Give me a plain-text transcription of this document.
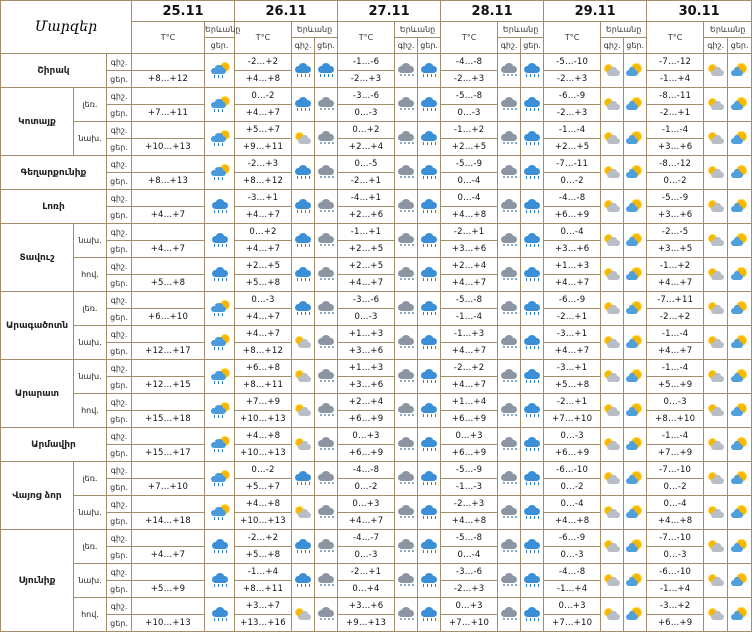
Մարզեր			25.11		26.11			27.11			28.11			29.11			30.11		
			T°C	Երևանը	T°C	Երևանը		T°C	Երևանը		T°C	Երևանը		T°C	Երևանը		T°C	Երևանը	
				ցեր.		գիշ.	ցեր.		գիշ.	ցեր.		գիշ.	ցեր.		գիշ.	ցեր.		գիշ.	ցեր.
Շիրակ		գիշ.			-2…+2			-1…-6			-4…-8			-5…-10			-7…-12	

		ցեր.	+8…+12		+4…+8			-2…+3			-2…+3			-2…+3			-1…+4		
Կոտայք	լեռ.	գիշ.			0…-2			-3…-6			-5…-8			-6…-9			-8…-11	

		ցեր.	+7…+11		+4…+7			0…-3			0…-3			-2…+3			-2…+1		
	նախ.	գիշ.			+5…+7			0…+2			-1…+2			-1…-4			-1…-4	

		ցեր.	+10…+13		+9…+11			+2…+4			+2…+5			+2…+5			+3…+6		
Գեղարքունիք		գիշ.			-2…+3			0…-5			-5…-9			-7…-11			-8…-12	

		ցեր.	+8…+13		+8…+12			-2…+1			0…-4			0…-2			0…-2		
Լոռի		գիշ.			-3…+1			-4…+1			0…-4			-4…-8			-5…-9	

		ցեր.	+4…+7		+4…+7			+2…+6			+4…+8			+6…+9			+3…+6		
Տավուշ	նախ.	գիշ.			0…+2			-1…+1			-2…+1			0…-4			-2…-5	

		ցեր.	+4…+7		+4…+7			+2…+5			+3…+6			+3…+6			+3…+5		
	հով.	գիշ.			+2…+5			+2…+5			+2…+4			+1…+3			-1…+2	

		ցեր.	+5…+8		+5…+8			+4…+7			+4…+7			+4…+7			+4…+7		
Արագածոտն	լեռ.	գիշ.			0…-3			-3…-6			-5…-8			-6…-9			-7…+11	

		ցեր.	+6…+10		+4…+7			0…-3			-1…-4			-2…+1			-2…+2		
	նախ.	գիշ.			+4…+7			+1…+3			-1…+3			-3…+1			-1…-4	

		ցեր.	+12…+17		+8…+12			+3…+6			+4…+7			+4…+7			+4…+7		
Արարատ	նախ.	գիշ.			+6…+8			+1…+3			-2…+2			-3…+1			-1…-4	

		ցեր.	+12…+15		+8…+11			+3…+6			+4…+7			+5…+8			+5…+9		
	հով.	գիշ.			+7…+9			+2…+4			+1…+4			-2…+1			0…-3	

		ցեր.	+15…+18		+10…+13			+6…+9			+6…+9			+7…+10			+8…+10		
Արմավիր		գիշ.			+4…+8			0…+3			0…+3			0…-3			-1…-4	

		ցեր.	+15…+17		+10…+13			+6…+9			+6…+9			+6…+9			+7…+9		
Վայոց ձոր	լեռ.	գիշ.			0…-2			-4…-8			-5…-9			-6…-10			-7…-10	

		ցեր.	+7…+10		+5…+7			0…-2			-1…-3			0…-2			0…-2		
	նախ.	գիշ.			+4…+8			0…+3			-2…+3			0…-4			0…-4	

		ցեր.	+14…+18		+10…+13			+4…+7			+4…+8			+4…+8			+4…+8		
Սյունիք	լեռ.	գիշ.			-2…+2			-4…-7			-5…-8			-6…-9			-7…-10	

		ցեր.	+4…+7		+5…+8			0…-3			0…-4			0…-3			0…-3		
	նախ.	գիշ.			-1…+4			-2…+1			-3…-6			-4…-8			-6…-10	

		ցեր.	+5…+9		+8…+11			0…+4			-2…+3			-1…+4			-1…+4		
	հով.	գիշ.			+3…+7			+3…+6			0…+3			0…+3			-3…+2	

		ցեր.	+10…+13		+13…+16			+9…+13			+7…+10			+7…+10			+6…+9		
